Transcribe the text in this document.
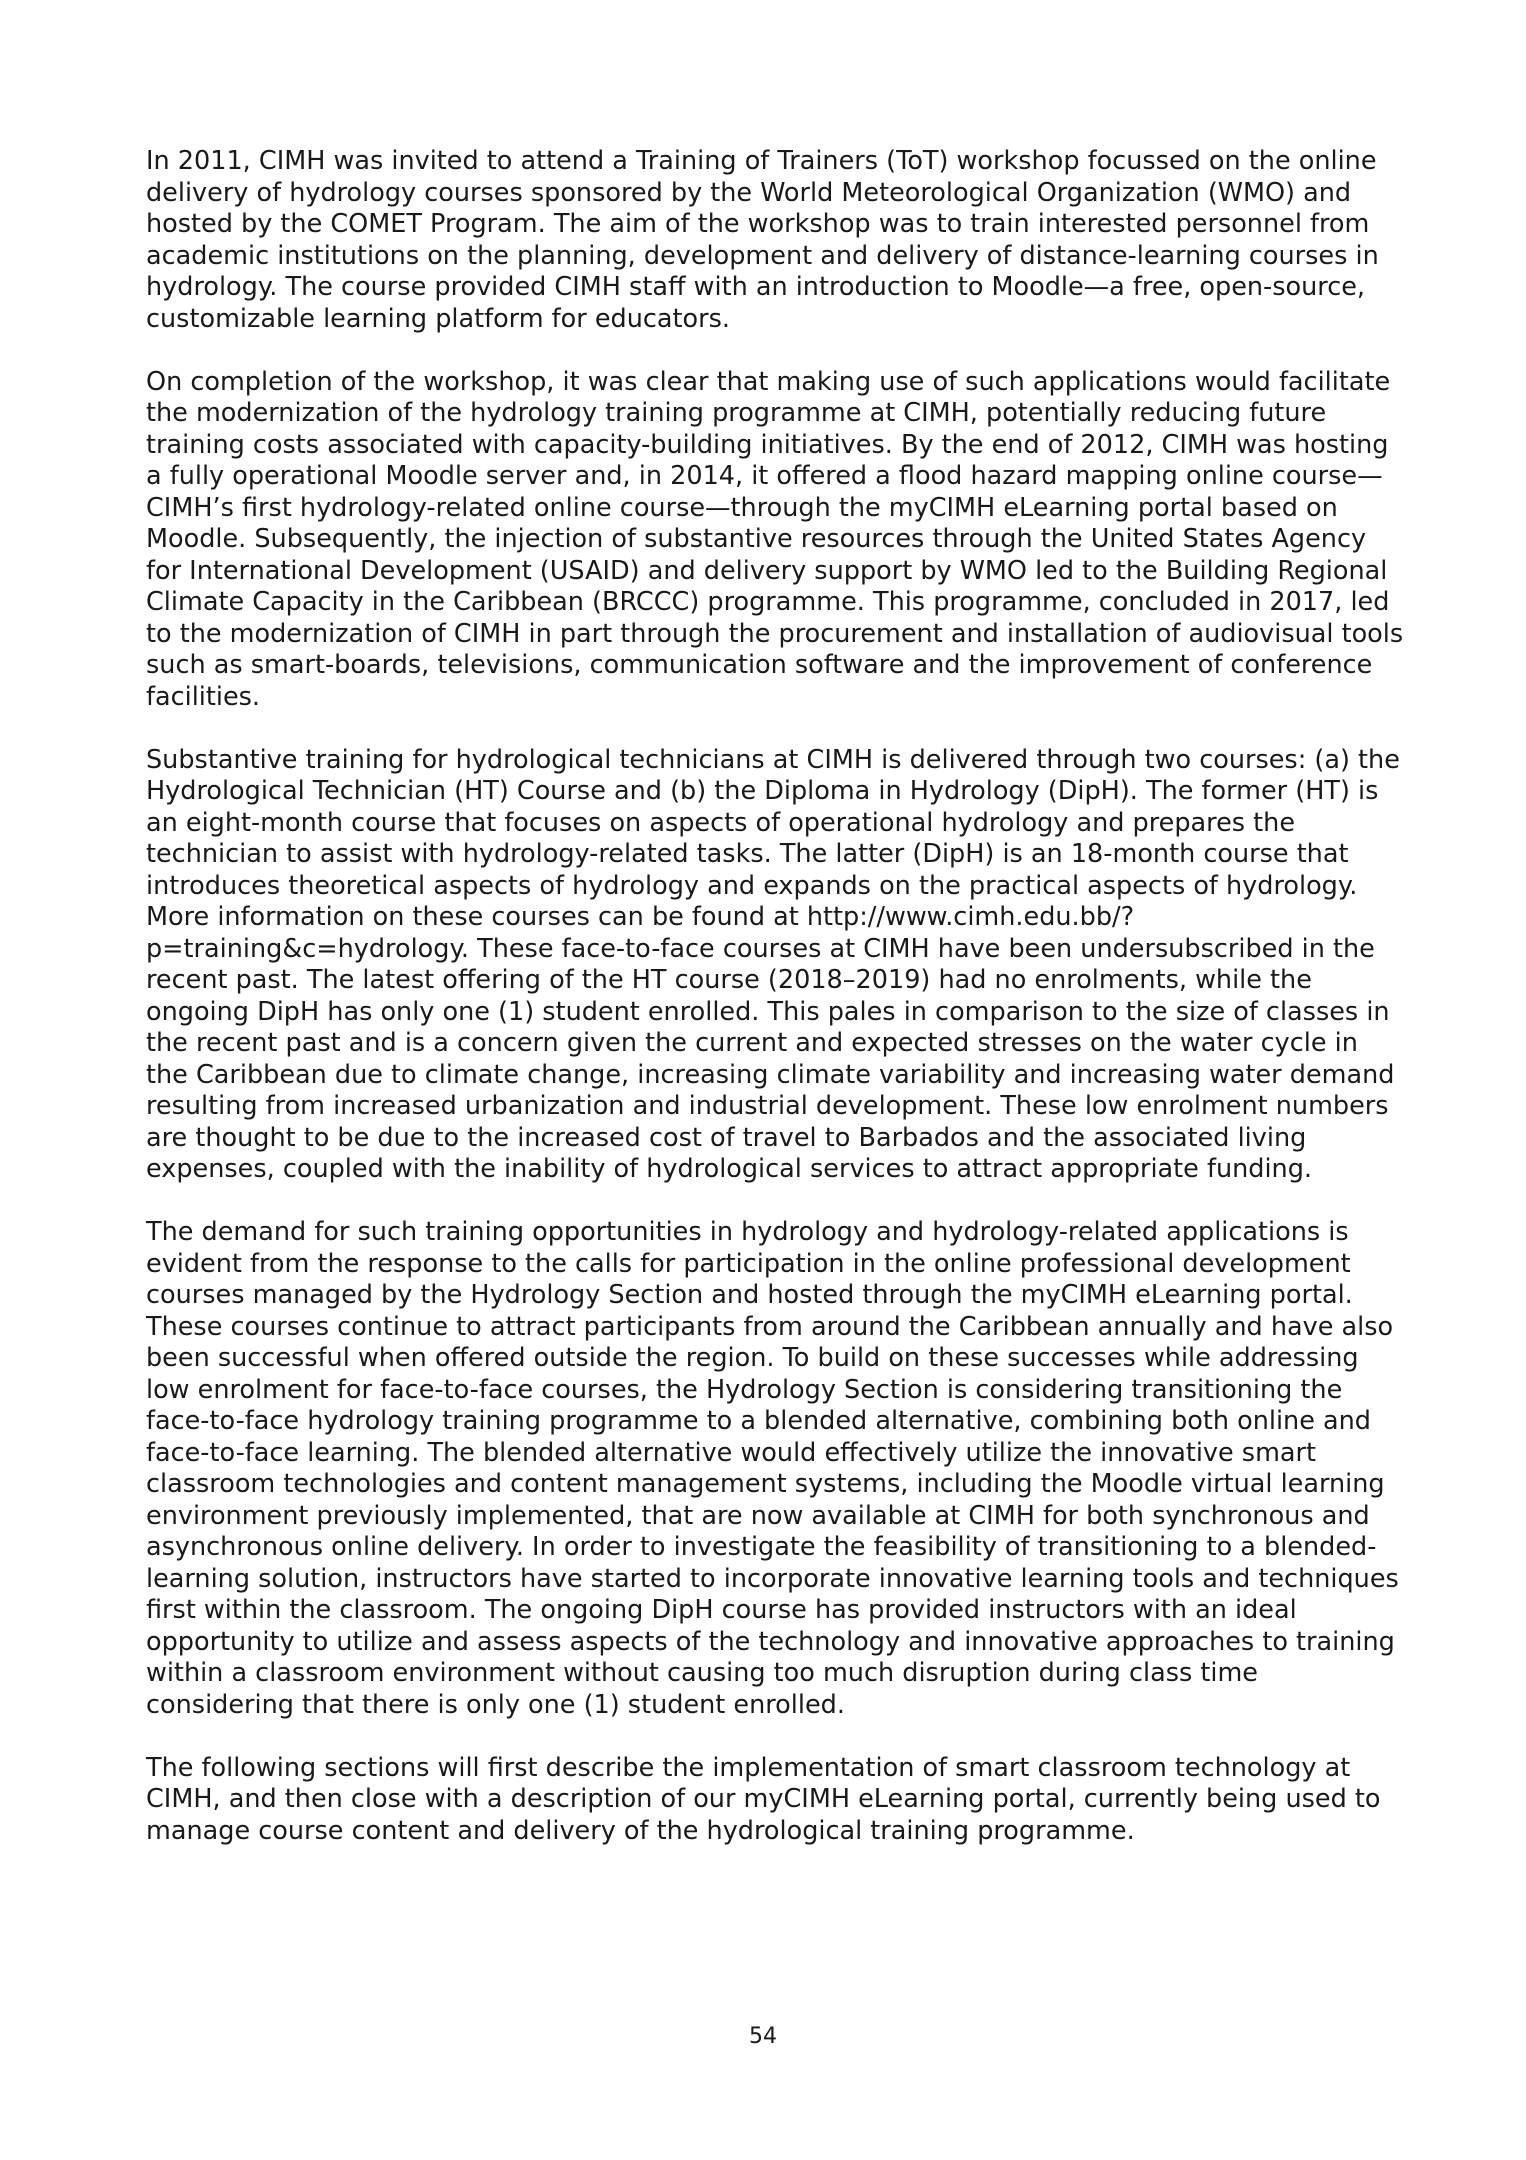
In 2011, CIMH was invited to attend a Training of Trainers (ToT) workshop focussed on the online delivery of hydrology courses sponsored by the World Meteorological Organization (WMO) and hosted by the COMET Program. The aim of the workshop was to train interested personnel from academic institutions on the planning, development and delivery of distance-learning courses in hydrology. The course provided CIMH staff with an introduction to Moodle—a free, open-source, customizable learning platform for educators.

On completion of the workshop, it was clear that making use of such applications would facilitate the modernization of the hydrology training programme at CIMH, potentially reducing future training costs associated with capacity-building initiatives. By the end of 2012, CIMH was hosting a fully operational Moodle server and, in 2014, it offered a flood hazard mapping online course—CIMH’s first hydrology-related online course—through the myCIMH eLearning portal based on Moodle. Subsequently, the injection of substantive resources through the United States Agency for International Development (USAID) and delivery support by WMO led to the Building Regional Climate Capacity in the Caribbean (BRCCC) programme. This programme, concluded in 2017, led to the modernization of CIMH in part through the procurement and installation of audiovisual tools such as smart-boards, televisions, communication software and the improvement of conference facilities.

Substantive training for hydrological technicians at CIMH is delivered through two courses: (a) the Hydrological Technician (HT) Course and (b) the Diploma in Hydrology (DipH). The former (HT) is an eight-month course that focuses on aspects of operational hydrology and prepares the technician to assist with hydrology-related tasks. The latter (DipH) is an 18-month course that introduces theoretical aspects of hydrology and expands on the practical aspects of hydrology. More information on these courses can be found at http://www.cimh.edu.bb/?p=training&c=hydrology. These face-to-face courses at CIMH have been undersubscribed in the recent past. The latest offering of the HT course (2018–2019) had no enrolments, while the ongoing DipH has only one (1) student enrolled. This pales in comparison to the size of classes in the recent past and is a concern given the current and expected stresses on the water cycle in the Caribbean due to climate change, increasing climate variability and increasing water demand resulting from increased urbanization and industrial development. These low enrolment numbers are thought to be due to the increased cost of travel to Barbados and the associated living expenses, coupled with the inability of hydrological services to attract appropriate funding.

The demand for such training opportunities in hydrology and hydrology-related applications is evident from the response to the calls for participation in the online professional development courses managed by the Hydrology Section and hosted through the myCIMH eLearning portal. These courses continue to attract participants from around the Caribbean annually and have also been successful when offered outside the region. To build on these successes while addressing low enrolment for face-to-face courses, the Hydrology Section is considering transitioning the face-to-face hydrology training programme to a blended alternative, combining both online and face-to-face learning. The blended alternative would effectively utilize the innovative smart classroom technologies and content management systems, including the Moodle virtual learning environment previously implemented, that are now available at CIMH for both synchronous and asynchronous online delivery. In order to investigate the feasibility of transitioning to a blended-learning solution, instructors have started to incorporate innovative learning tools and techniques first within the classroom. The ongoing DipH course has provided instructors with an ideal opportunity to utilize and assess aspects of the technology and innovative approaches to training within a classroom environment without causing too much disruption during class time considering that there is only one (1) student enrolled.

The following sections will first describe the implementation of smart classroom technology at CIMH, and then close with a description of our myCIMH eLearning portal, currently being used to manage course content and delivery of the hydrological training programme.

54
